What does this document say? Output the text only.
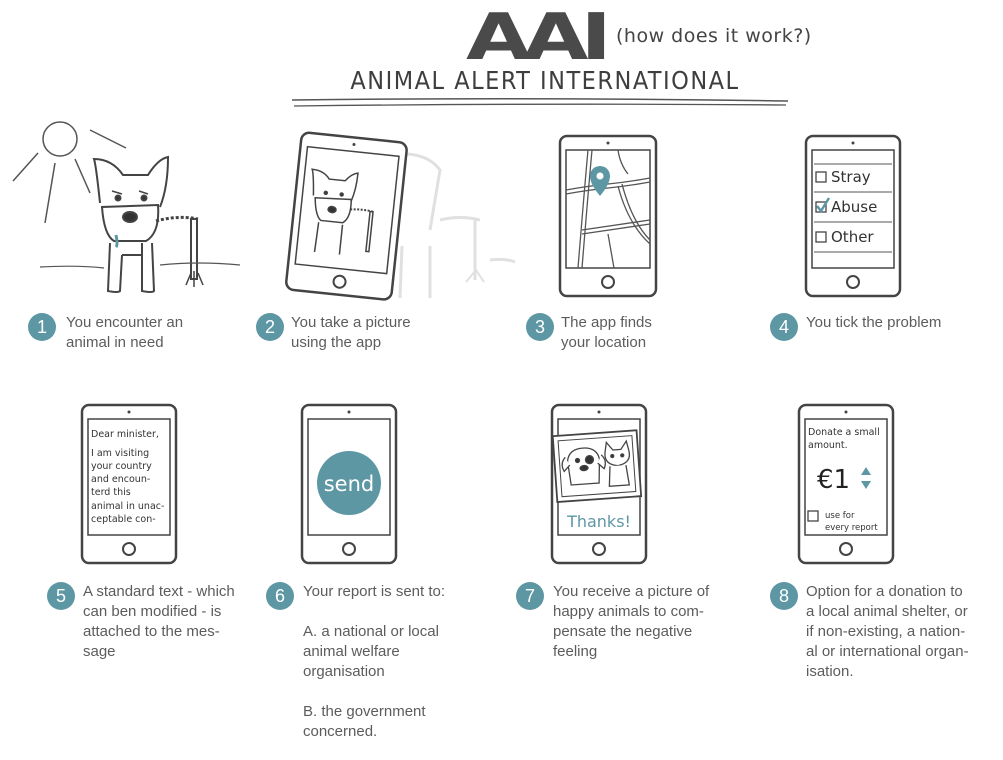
AAI (how does it work?)
ANIMAL ALERT INTERNATIONAL
Stray
Abuse
Other
Dear minister,
I am visiting
your country
and encoun-
terd this
animal in unac-
ceptable con-
send
Thanks!
Donate a small
amount.
€1
use for
every report
1	You encounter an
animal in need

2	You take a picture
using the app

3	The app finds
your location

4	You tick the problem

5	A standard text - which
can ben modified - is
attached to the mes-
sage

6	Your report is sent to:

A. a national or local
animal welfare
organisation

B. the government
concerned.

7	You receive a picture of
happy animals to com-
pensate the negative
feeling

8	Option for a donation to
a local animal shelter, or
if non-existing, a nation-
al or international organ-
isation.
